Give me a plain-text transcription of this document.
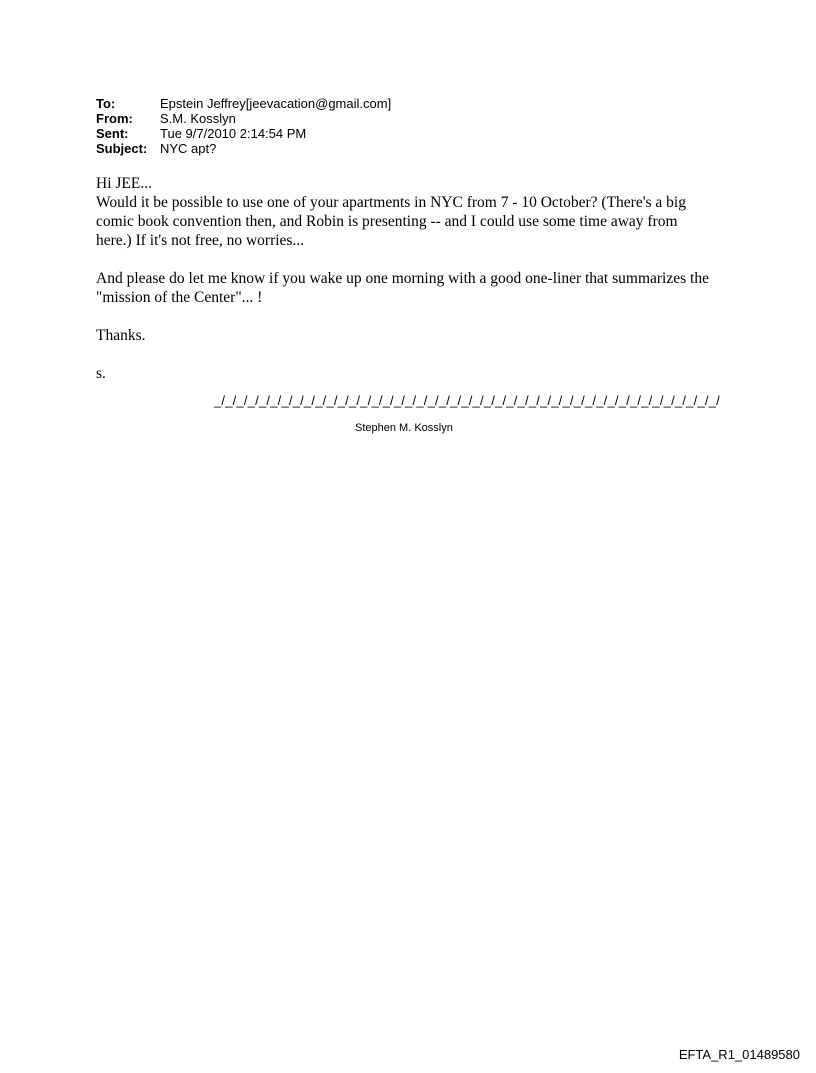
To:	Epstein Jeffrey[jeevacation@gmail.com]
From:	S.M. Kosslyn
Sent:	Tue 9/7/2010 2:14:54 PM
Subject: NYC apt?

Hi JEE...

Would it be possible to use one of your apartments in NYC from 7 - 10 October? (There's a big comic book convention then, and Robin is presenting -- and I could use some time away from here.) If it's not free, no worries...

And please do let me know if you wake up one morning with a good one-liner that summarizes the "mission of the Center"... !

Thanks.

s.

_/_/_/_/_/_/_/_/_/_/_/_/_/_/_/_/_/_/_/_/_/_/_/_/_/_/_/_/_/_/_/_/_/_/_/_/_/_/_/_/_/_/_/_/_/
Stephen M. Kosslyn
EFTA_R1_01489580
